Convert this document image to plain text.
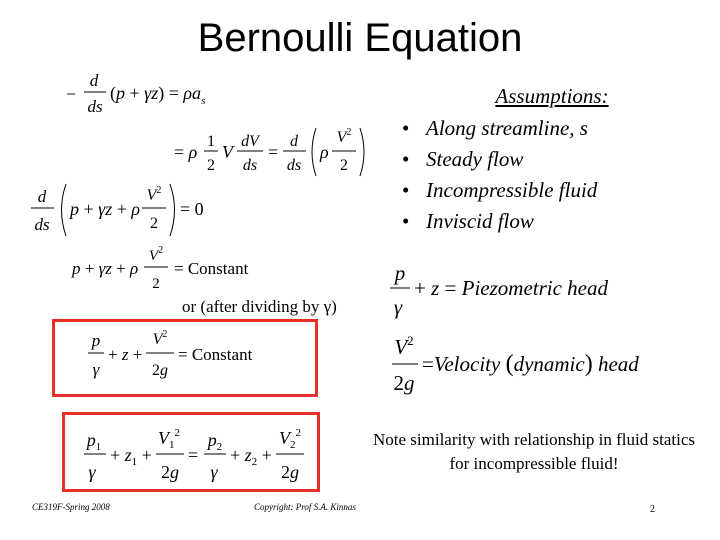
Bernoulli Equation
−
d
ds
$(p + \gamma z) = \rho a_s$
= ρ
1
2
V
dV
ds
=
d
ds
ρ
$V^2$
2
d
ds
p + γz + ρ
$V^2$
2
= 0
p + γz + ρ
$V^2$
2
= Constant
or (after dividing by γ)
p
γ
+ z +
$V^2$
2g
= Constant
$p_1$
γ
+ $z_1$ +
$V_1^2$
2g
=
$p_2$
γ
+ $z_2$ +
$V_2^2$
2g
Assumptions:
• Along streamline, s
• Steady flow
• Incompressible fluid
• Inviscid flow
p
γ
+ z = Piezometric head
$V^2$
2g
=Velocity (dynamic) head
Note similarity with relationship in fluid statics for incompressible fluid!
CE319F-Spring 2008	Copyright: Prof S.A. Kinnas	2
